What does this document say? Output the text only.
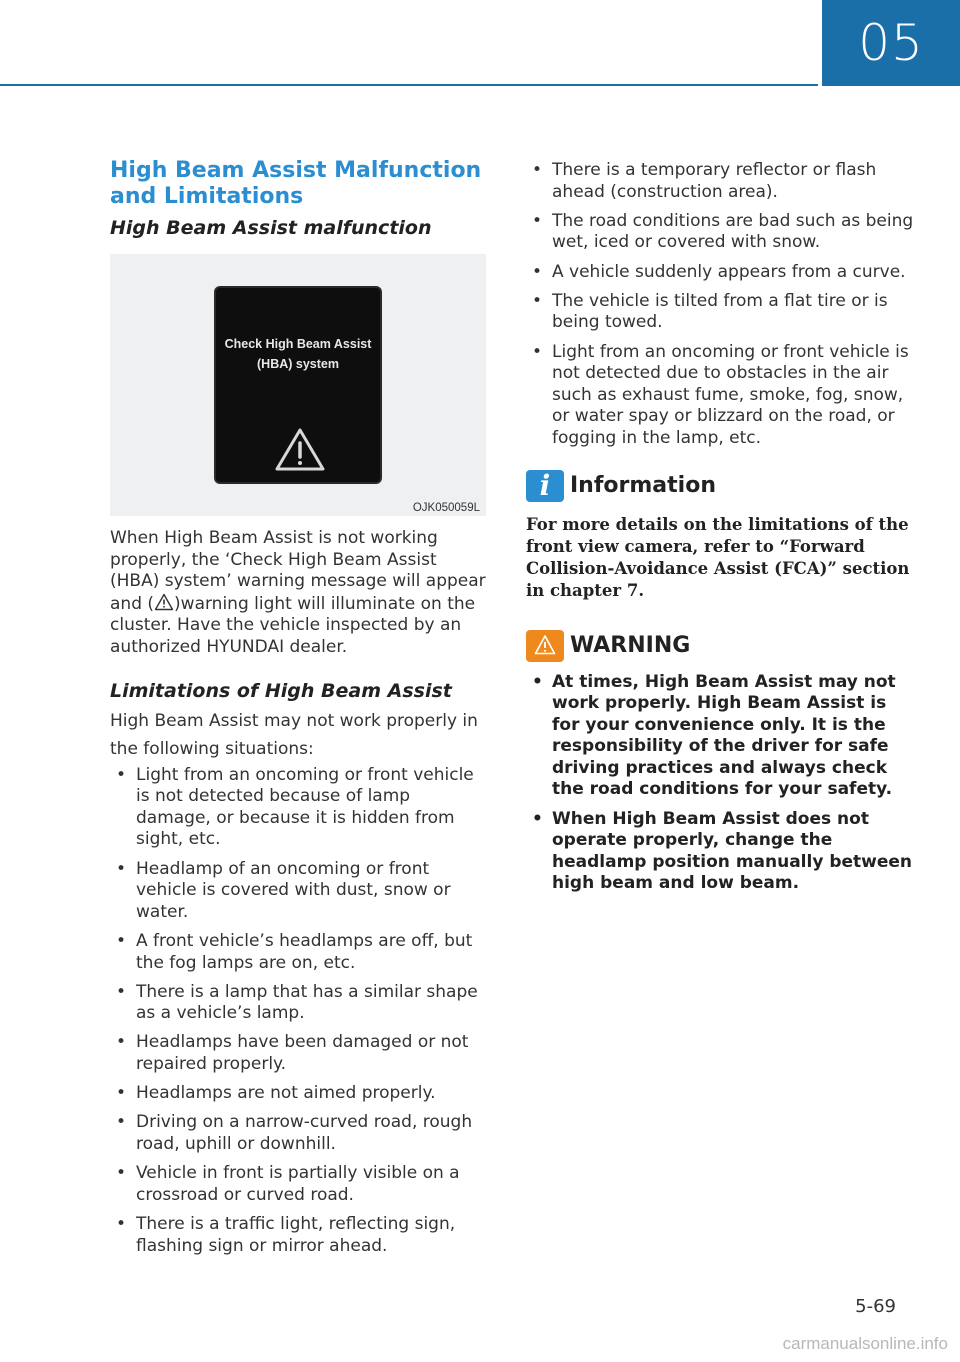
05
High Beam Assist Malfunction and Limitations
High Beam Assist malfunction
Check High Beam Assist
(HBA) system
OJK050059L

When High Beam Assist is not working properly, the ‘Check High Beam Assist (HBA) system’ warning message will appear and ( )warning light will illuminate on the cluster. Have the vehicle inspected by an authorized HYUNDAI dealer.

Limitations of High Beam Assist

High Beam Assist may not work properly in the following situations:

• Light from an oncoming or front vehicle is not detected because of lamp damage, or because it is hidden from sight, etc.
• Headlamp of an oncoming or front vehicle is covered with dust, snow or water.
• A front vehicle’s headlamps are off, but the fog lamps are on, etc.
• There is a lamp that has a similar shape as a vehicle’s lamp.
• Headlamps have been damaged or not repaired properly.
• Headlamps are not aimed properly.
• Driving on a narrow-curved road, rough road, uphill or downhill.
• Vehicle in front is partially visible on a crossroad or curved road.
• There is a traffic light, reflecting sign, flashing sign or mirror ahead.
• There is a temporary reflector or flash ahead (construction area).
• The road conditions are bad such as being wet, iced or covered with snow.
• A vehicle suddenly appears from a curve.
• The vehicle is tilted from a flat tire or is being towed.
• Light from an oncoming or front vehicle is not detected due to obstacles in the air such as exhaust fume, smoke, fog, snow, or water spay or blizzard on the road, or fogging in the lamp, etc.
i Information

For more details on the limitations of the front view camera, refer to “Forward Collision-Avoidance Assist (FCA)” section in chapter 7.

WARNING
• At times, High Beam Assist may not work properly. High Beam Assist is for your convenience only. It is the responsibility of the driver for safe driving practices and always check the road conditions for your safety.
• When High Beam Assist does not operate properly, change the headlamp position manually between high beam and low beam.
5-69
carmanualsonline.info
